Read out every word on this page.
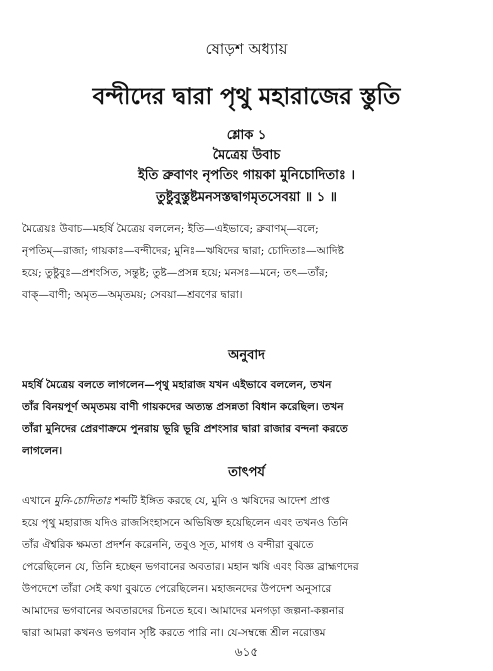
ষোড়শ অধ্যায়
বন্দীদের দ্বারা পৃথু মহারাজের স্তুতি
শ্লোক ১
মৈত্রেয় উবাচ
ইতি ব্রুবাণং নৃপতিং গায়কা মুনিচোদিতাঃ ।
তুষ্টুবুস্তুষ্টমনসস্তদ্বাগমৃতসেবয়া ॥ ১ ॥
মৈত্রেয়ঃ উবাচ—মহর্ষি মৈত্রেয় বললেন; ইতি—এইভাবে; ব্রুবাণম্—বলে;
নৃপতিম্—রাজা; গায়কাঃ—বন্দীদের; মুনিঃ—ঋষিদের দ্বারা; চোদিতাঃ—আদিষ্ট
হয়ে; তুষ্টুবুঃ—প্রশংসিত, সন্তুষ্ট; তুষ্ট—প্রসন্ন হয়ে; মনসঃ—মনে; তৎ—তাঁর;
বাক্—বাণী; অমৃত—অমৃতময়; সেবয়া—শ্রবণের দ্বারা।
অনুবাদ
মহর্ষি মৈত্রেয় বলতে লাগলেন—পৃথু মহারাজ যখন এইভাবে বললেন, তখন
তাঁর বিনয়পূর্ণ অমৃতময় বাণী গায়কদের অত্যন্ত প্রসন্নতা বিধান করেছিল। তখন
তাঁরা মুনিদের প্রেরণাক্রমে পুনরায় ভূরি ভূরি প্রশংসার দ্বারা রাজার বন্দনা করতে
লাগলেন।
তাৎপর্য
এখানে মুনি-চোদিতাঃ শব্দটি ইঙ্গিত করছে যে, মুনি ও ঋষিদের আদেশ প্রাপ্ত
হয়ে পৃথু মহারাজ যদিও রাজসিংহাসনে অভিষিক্ত হয়েছিলেন এবং তখনও তিনি
তাঁর ঐশ্বরিক ক্ষমতা প্রদর্শন করেননি, তবুও সূত, মাগধ ও বন্দীরা বুঝতে
পেরেছিলেন যে, তিনি হচ্ছেন ভগবানের অবতার। মহান ঋষি এবং বিজ্ঞ ব্রাহ্মণদের
উপদেশে তাঁরা সেই কথা বুঝতে পেরেছিলেন। মহাজনদের উপদেশ অনুসারে
আমাদের ভগবানের অবতারদের চিনতে হবে। আমাদের মনগড়া জল্পনা-কল্পনার
দ্বারা আমরা কখনও ভগবান সৃষ্টি করতে পারি না। যে-সম্বন্ধে শ্রীল নরোত্তম
৬১৫
